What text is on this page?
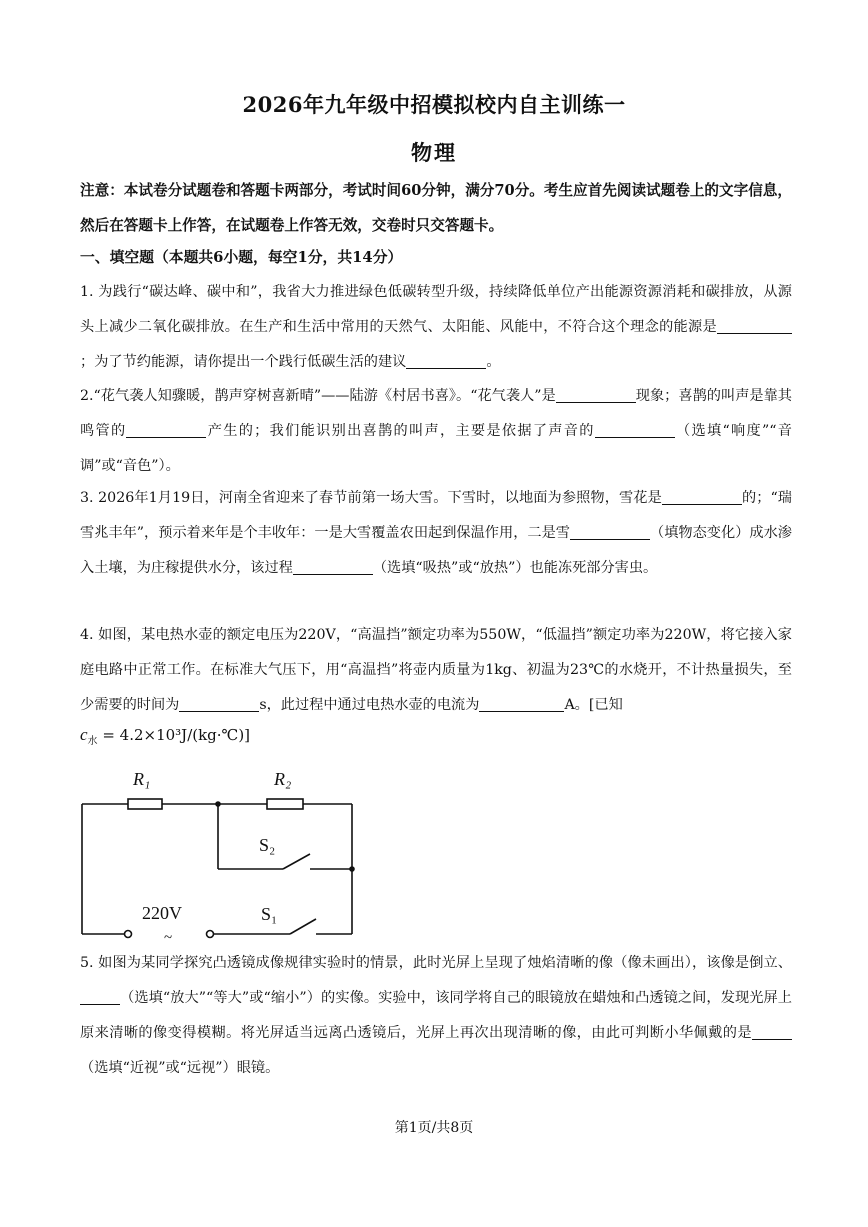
2026年九年级中招模拟校内自主训练一
物理
注意：本试卷分试题卷和答题卡两部分，考试时间60分钟，满分70分。考生应首先阅读试题卷上的文字信息，然后在答题卡上作答，在试题卷上作答无效，交卷时只交答题卡。
一、填空题（本题共6小题，每空1分，共14分）
1. 为践行“碳达峰、碳中和”，我省大力推进绿色低碳转型升级，持续降低单位产出能源资源消耗和碳排放，从源头上减少二氧化碳排放。在生产和生活中常用的天然气、太阳能、风能中，不符合这个理念的能源是；为了节约能源，请你提出一个践行低碳生活的建议	。
2.“花气袭人知骤暖，鹊声穿树喜新晴”——陆游《村居书喜》。“花气袭人”是	现象；喜鹊的叫声是靠其鸣管的	产生的；我们能识别出喜鹊的叫声，主要是依据了声音的	（选填“响度”“音调”或“音色”）。
3. 2026年1月19日，河南全省迎来了春节前第一场大雪。下雪时，以地面为参照物，雪花是	的；“瑞雪兆丰年”，预示着来年是个丰收年：一是大雪覆盖农田起到保温作用，二是雪	（填物态变化）成水渗入土壤，为庄稼提供水分，该过程	（选填“吸热”或“放热”）也能冻死部分害虫。
4. 如图，某电热水壶的额定电压为220V，“高温挡”额定功率为550W，“低温挡”额定功率为220W，将它接入家庭电路中正常工作。在标准大气压下，用“高温挡”将壶内质量为1kg、初温为23℃的水烧开，不计热量损失，至少需要的时间为	s，此过程中通过电热水壶的电流为	A。[已知
$c_水$ = 4.2×10³J/(kg·℃)]
R₁	R₂
S₂
S₁
220V
~
5. 如图为某同学探究凸透镜成像规律实验时的情景，此时光屏上呈现了烛焰清晰的像（像未画出），该像是倒立、（选填“放大”“等大”或“缩小”）的实像。实验中，该同学将自己的眼镜放在蜡烛和凸透镜之间，发现光屏上原来清晰的像变得模糊。将光屏适当远离凸透镜后，光屏上再次出现清晰的像，由此可判断小华佩戴的是（选填“近视”或“远视”）眼镜。
第1页/共8页
